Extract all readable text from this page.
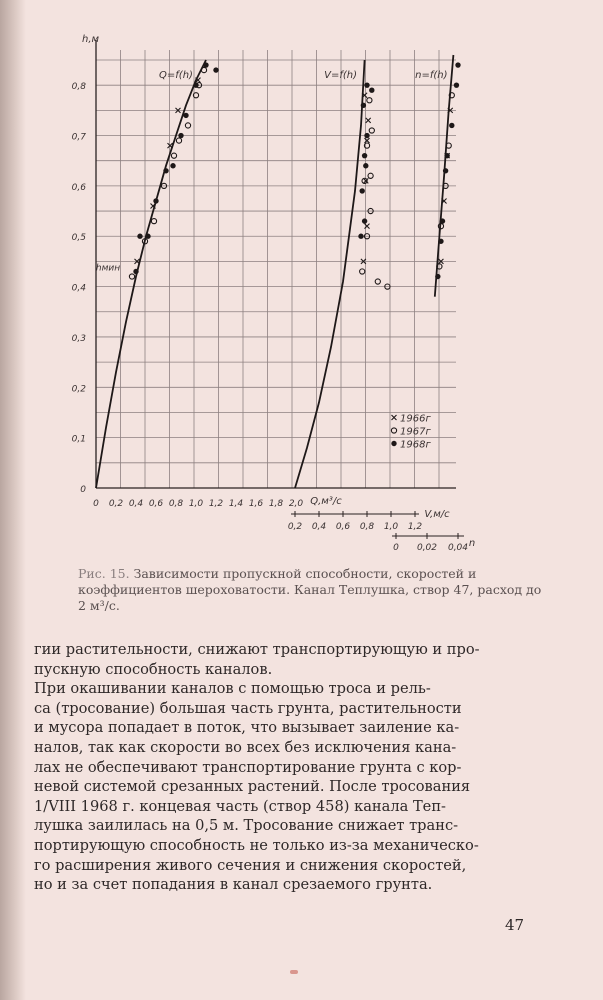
0
0,1
0,2
0,3
0,4
0,5
0,6
0,7
0,8
h,м
hмин
0 0,2 0,4 0,6 0,8 1,0 1,2 1,4 1,6 1,8 2,0 Q,м³/с
0,2 0,4 0,6 0,8 1,0 1,2
V,м/с
0 0,02 0,04 n
Q=f(h)	V=f(h)	n=f(h)
1966г
1967г
1968г
Рис. 15. Зависимости пропускной способности, скоростей и коэффициентов шероховатости. Канал Теплушка, створ 47, расход до 2 м³/с.
гии растительности, снижают транспортирующую и про-
пускную способность каналов.
При окашивании каналов с помощью троса и рель-
са (тросование) большая часть грунта, растительности
и мусора попадает в поток, что вызывает заиление ка-
налов, так как скорости во всех без исключения кана-
лах не обеспечивают транспортирование грунта с кор-
невой системой срезанных растений. После тросования
1/VIII 1968 г. концевая часть (створ 458) канала Теп-
лушка заилилась на 0,5 м. Тросование снижает транс-
портирующую способность не только из-за механическо-
го расширения живого сечения и снижения скоростей,
но и за счет попадания в канал срезаемого грунта.
47
